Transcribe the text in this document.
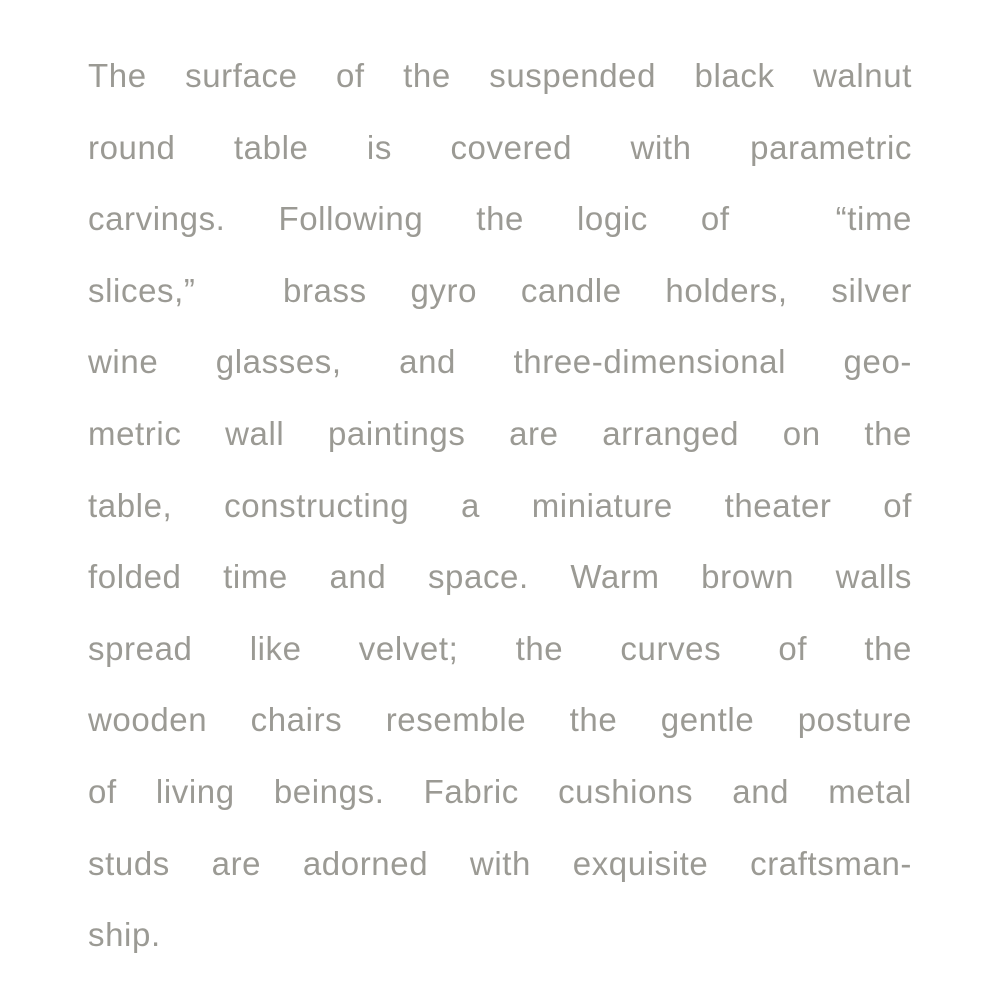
The surface of the suspended black walnut
round table is covered with parametric
carvings. Following the logic of  “time
slices,”  brass gyro candle holders, silver
wine glasses, and three-dimensional geo-
metric wall paintings are arranged on the
table, constructing a miniature theater of
folded time and space. Warm brown walls
spread like velvet; the curves of the
wooden chairs resemble the gentle posture
of living beings. Fabric cushions and metal
studs are adorned with exquisite craftsman-
ship.
